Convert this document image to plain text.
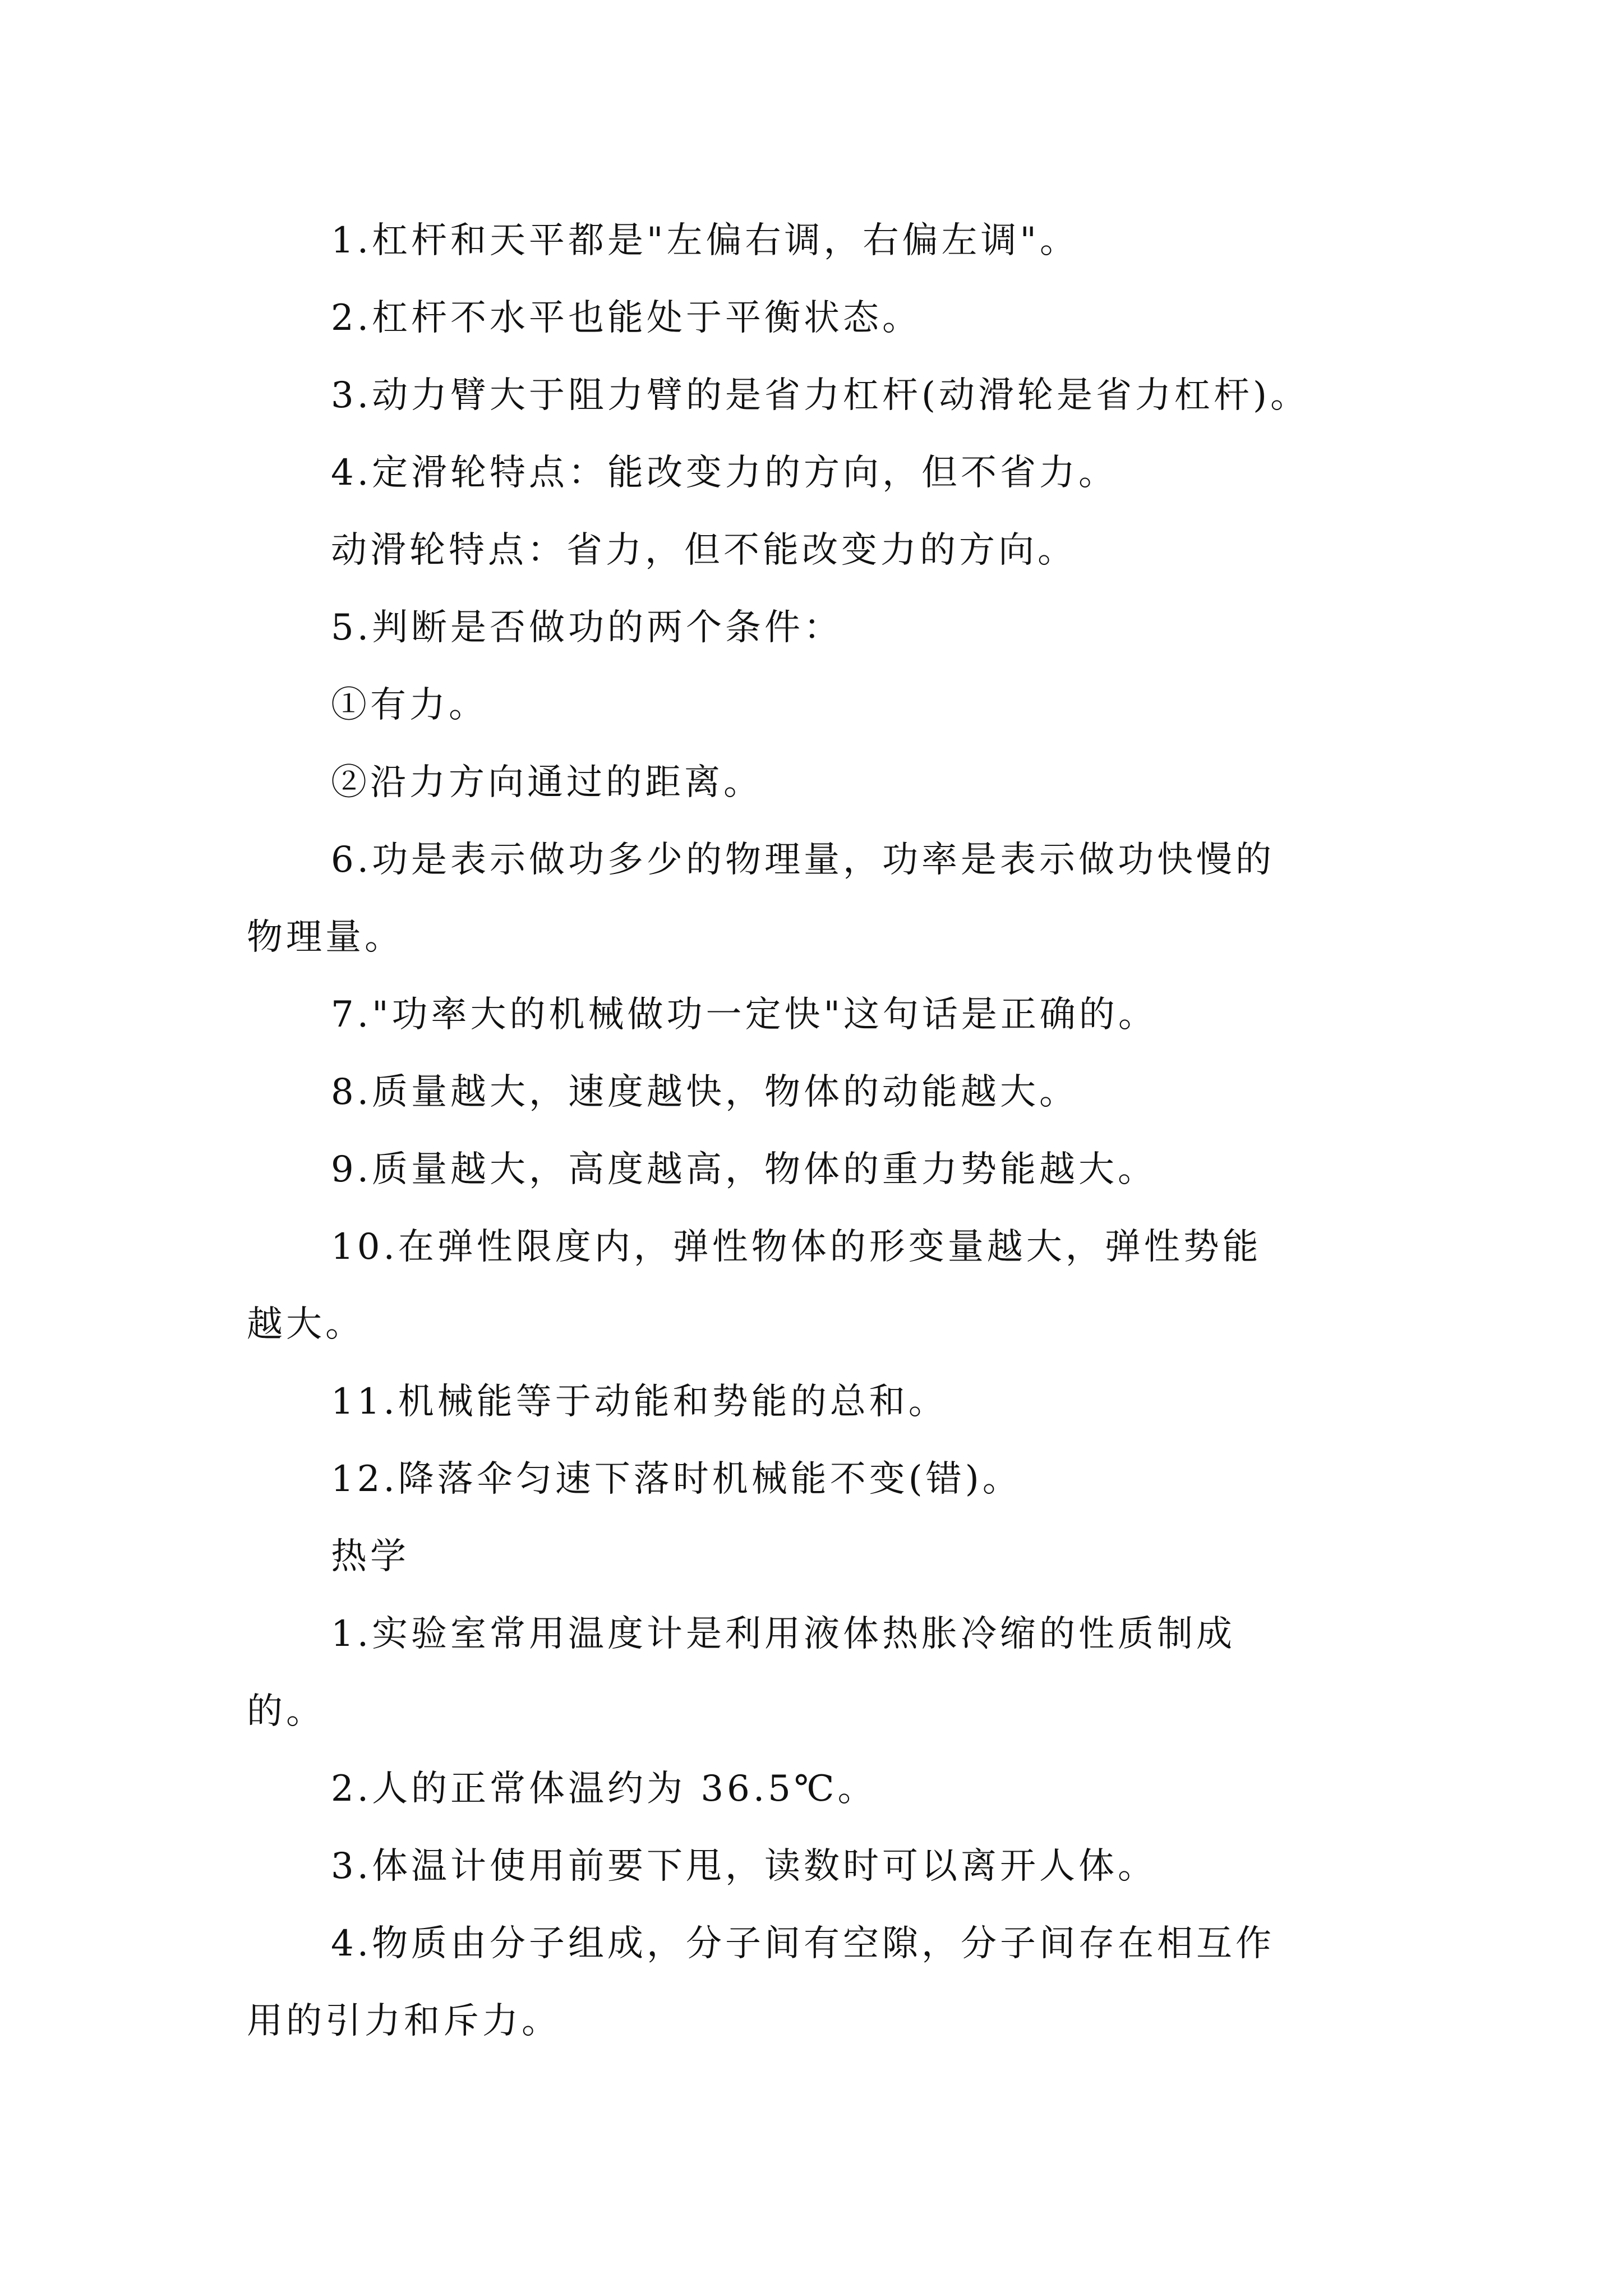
1.杠杆和天平都是"左偏右调，右偏左调"。

2.杠杆不水平也能处于平衡状态。

3.动力臂大于阻力臂的是省力杠杆(动滑轮是省力杠杆)。

4.定滑轮特点：能改变力的方向，但不省力。

动滑轮特点：省力，但不能改变力的方向。

5.判断是否做功的两个条件：

①有力。

②沿力方向通过的距离。

6.功是表示做功多少的物理量，功率是表示做功快慢的

物理量。

7."功率大的机械做功一定快"这句话是正确的。

8.质量越大，速度越快，物体的动能越大。

9.质量越大，高度越高，物体的重力势能越大。

10.在弹性限度内，弹性物体的形变量越大，弹性势能

越大。

11.机械能等于动能和势能的总和。

12.降落伞匀速下落时机械能不变(错)。

热学

1.实验室常用温度计是利用液体热胀冷缩的性质制成

的。

2.人的正常体温约为 36.5℃。

3.体温计使用前要下甩，读数时可以离开人体。

4.物质由分子组成，分子间有空隙，分子间存在相互作

用的引力和斥力。
